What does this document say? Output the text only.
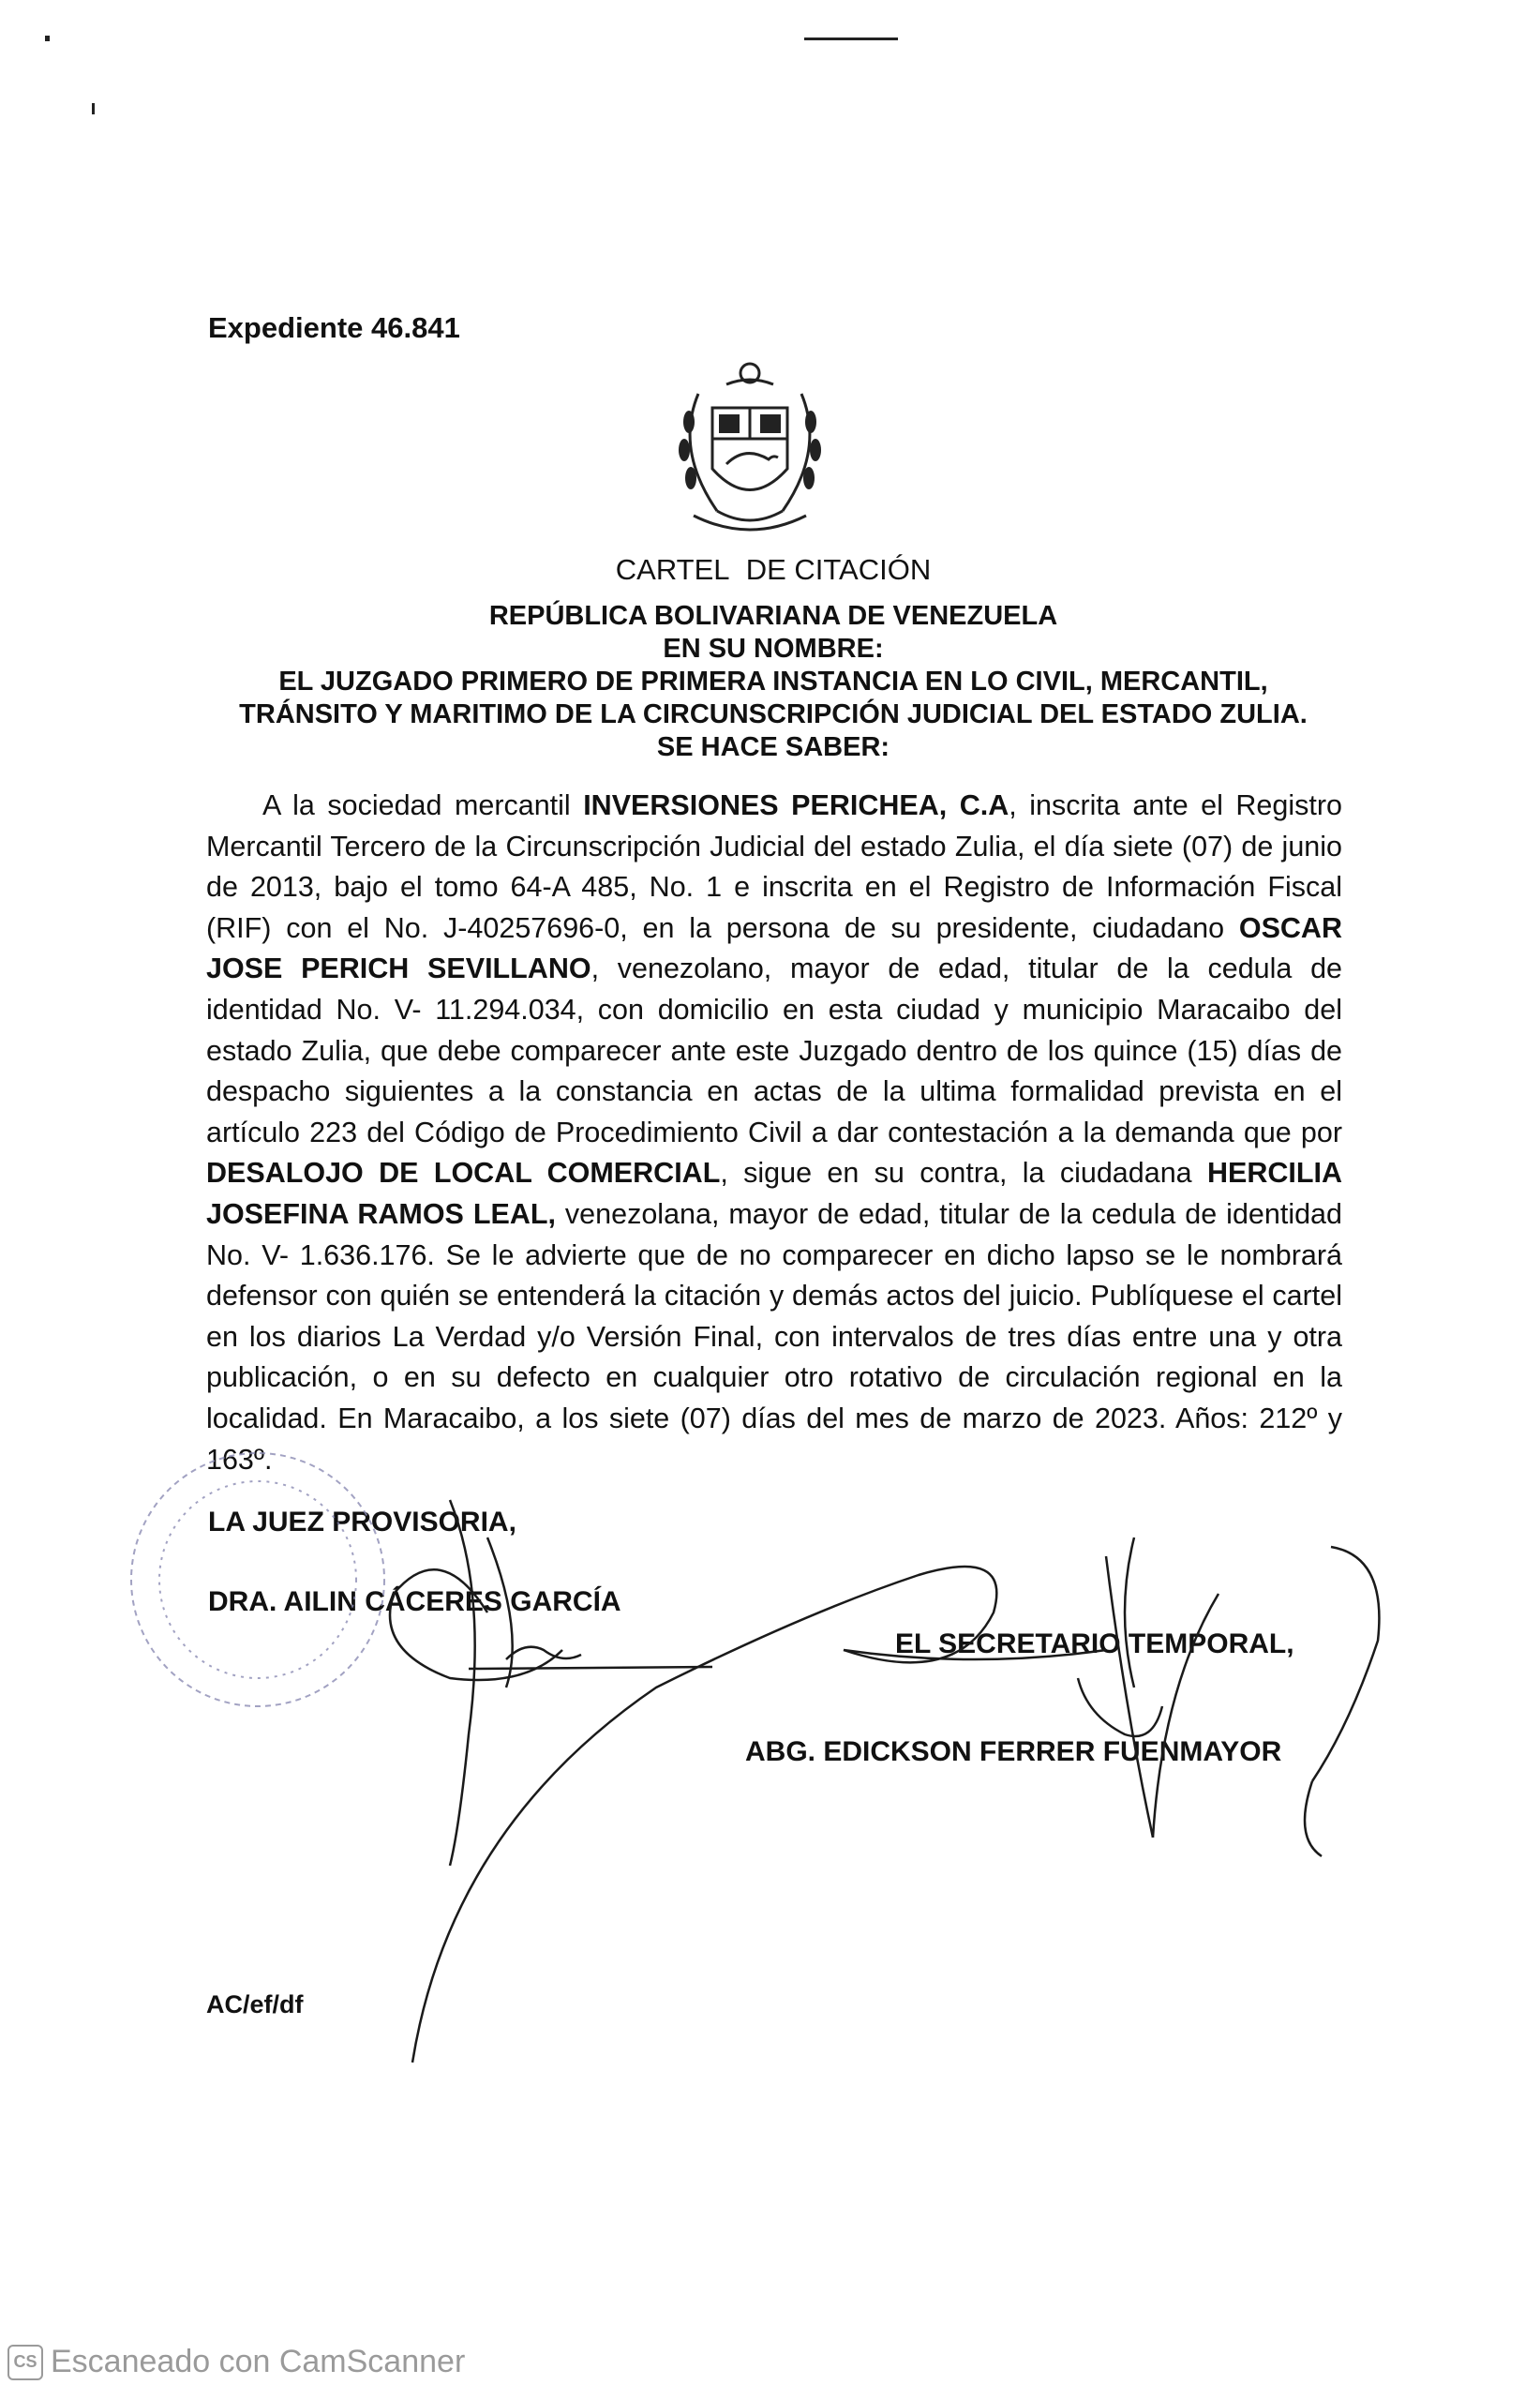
Expediente 46.841
CARTEL DE CITACIÓN
REPÚBLICA BOLIVARIANA DE VENEZUELA
EN SU NOMBRE:
EL JUZGADO PRIMERO DE PRIMERA INSTANCIA EN LO CIVIL, MERCANTIL,
TRÁNSITO Y MARITIMO DE LA CIRCUNSCRIPCIÓN JUDICIAL DEL ESTADO ZULIA.
SE HACE SABER:
A la sociedad mercantil INVERSIONES PERICHEA, C.A, inscrita ante el Registro Mercantil Tercero de la Circunscripción Judicial del estado Zulia, el día siete (07) de junio de 2013, bajo el tomo 64-A 485, No. 1 e inscrita en el Registro de Información Fiscal (RIF) con el No. J-40257696-0, en la persona de su presidente, ciudadano OSCAR JOSE PERICH SEVILLANO, venezolano, mayor de edad, titular de la cedula de identidad No. V- 11.294.034, con domicilio en esta ciudad y municipio Maracaibo del estado Zulia, que debe comparecer ante este Juzgado dentro de los quince (15) días de despacho siguientes a la constancia en actas de la ultima formalidad prevista en el artículo 223 del Código de Procedimiento Civil a dar contestación a la demanda que por DESALOJO DE LOCAL COMERCIAL, sigue en su contra, la ciudadana HERCILIA JOSEFINA RAMOS LEAL, venezolana, mayor de edad, titular de la cedula de identidad No. V- 1.636.176. Se le advierte que de no comparecer en dicho lapso se le nombrará defensor con quién se entenderá la citación y demás actos del juicio. Publíquese el cartel en los diarios La Verdad y/o Versión Final, con intervalos de tres días entre una y otra publicación, o en su defecto en cualquier otro rotativo de circulación regional en la localidad. En Maracaibo, a los siete (07) días del mes de marzo de 2023. Años: 212º y 163º.
LA JUEZ PROVISORIA,
DRA. AILIN CÁCERES GARCÍA
EL SECRETARIO TEMPORAL,
ABG. EDICKSON FERRER FUENMAYOR
AC/ef/df
CS Escaneado con CamScanner
